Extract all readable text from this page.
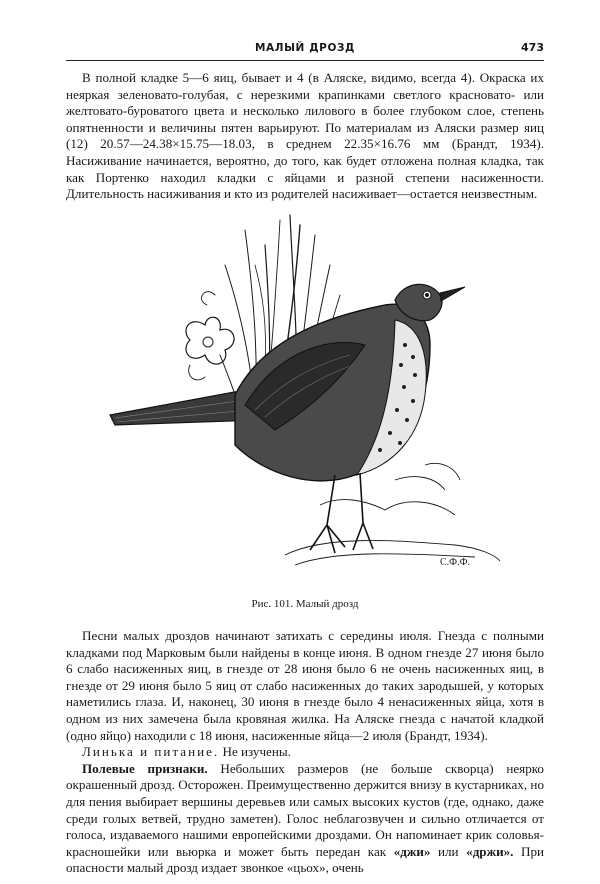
МАЛЫЙ ДРОЗД	473

В полной кладке 5—6 яиц, бывает и 4 (в Аляске, видимо, всегда 4). Окраска их неяркая зеленовато-голубая, с нерезкими крапинками светлого красновато- или желтовато-буроватого цвета и несколько лилового в более глубоком слое, степень опятненности и величины пятен варьируют. По материалам из Аляски размер яиц (12) 20.57—24.38×15.75—18.03, в среднем 22.35×16.76 мм (Брандт, 1934). Насиживание начинается, вероятно, до того, как будет отложена полная кладка, так как Портенко находил кладки с яйцами и разной степени насиженности. Длительность насиживания и кто из родителей насиживает—остается неизвестным.

С.Ф.Ф.
Рис. 101. Малый дрозд

Песни малых дроздов начинают затихать с середины июля. Гнезда с полными кладками под Марковым были найдены в конце июня. В одном гнезде 27 июня было 6 слабо насиженных яиц, в гнезде от 28 июня было 6 не очень насиженных яиц, в гнезде от 29 июня было 5 яиц от слабо насиженных до таких зародышей, у которых наметились глаза. И, наконец, 30 июня в гнезде было 4 ненасиженных яйца, хотя в одном из них замечена была кровяная жилка. На Аляске гнезда с начатой кладкой (одно яйцо) находили с 18 июня, насиженные яйца—2 июля (Брандт, 1934).

Линька и питание. Не изучены.

Полевые признаки. Небольших размеров (не больше скворца) неярко окрашенный дрозд. Осторожен. Преимущественно держится внизу в кустарниках, но для пения выбирает вершины деревьев или самых высоких кустов (где, однако, даже среди голых ветвей, трудно заметен). Голос неблагозвучен и сильно отличается от голоса, издаваемого нашими европейскими дроздами. Он напоминает крик соловья-красношейки или вьюрка и может быть передан как «джи» или «држи». При опасности малый дрозд издает звонкое «цьох», очень
